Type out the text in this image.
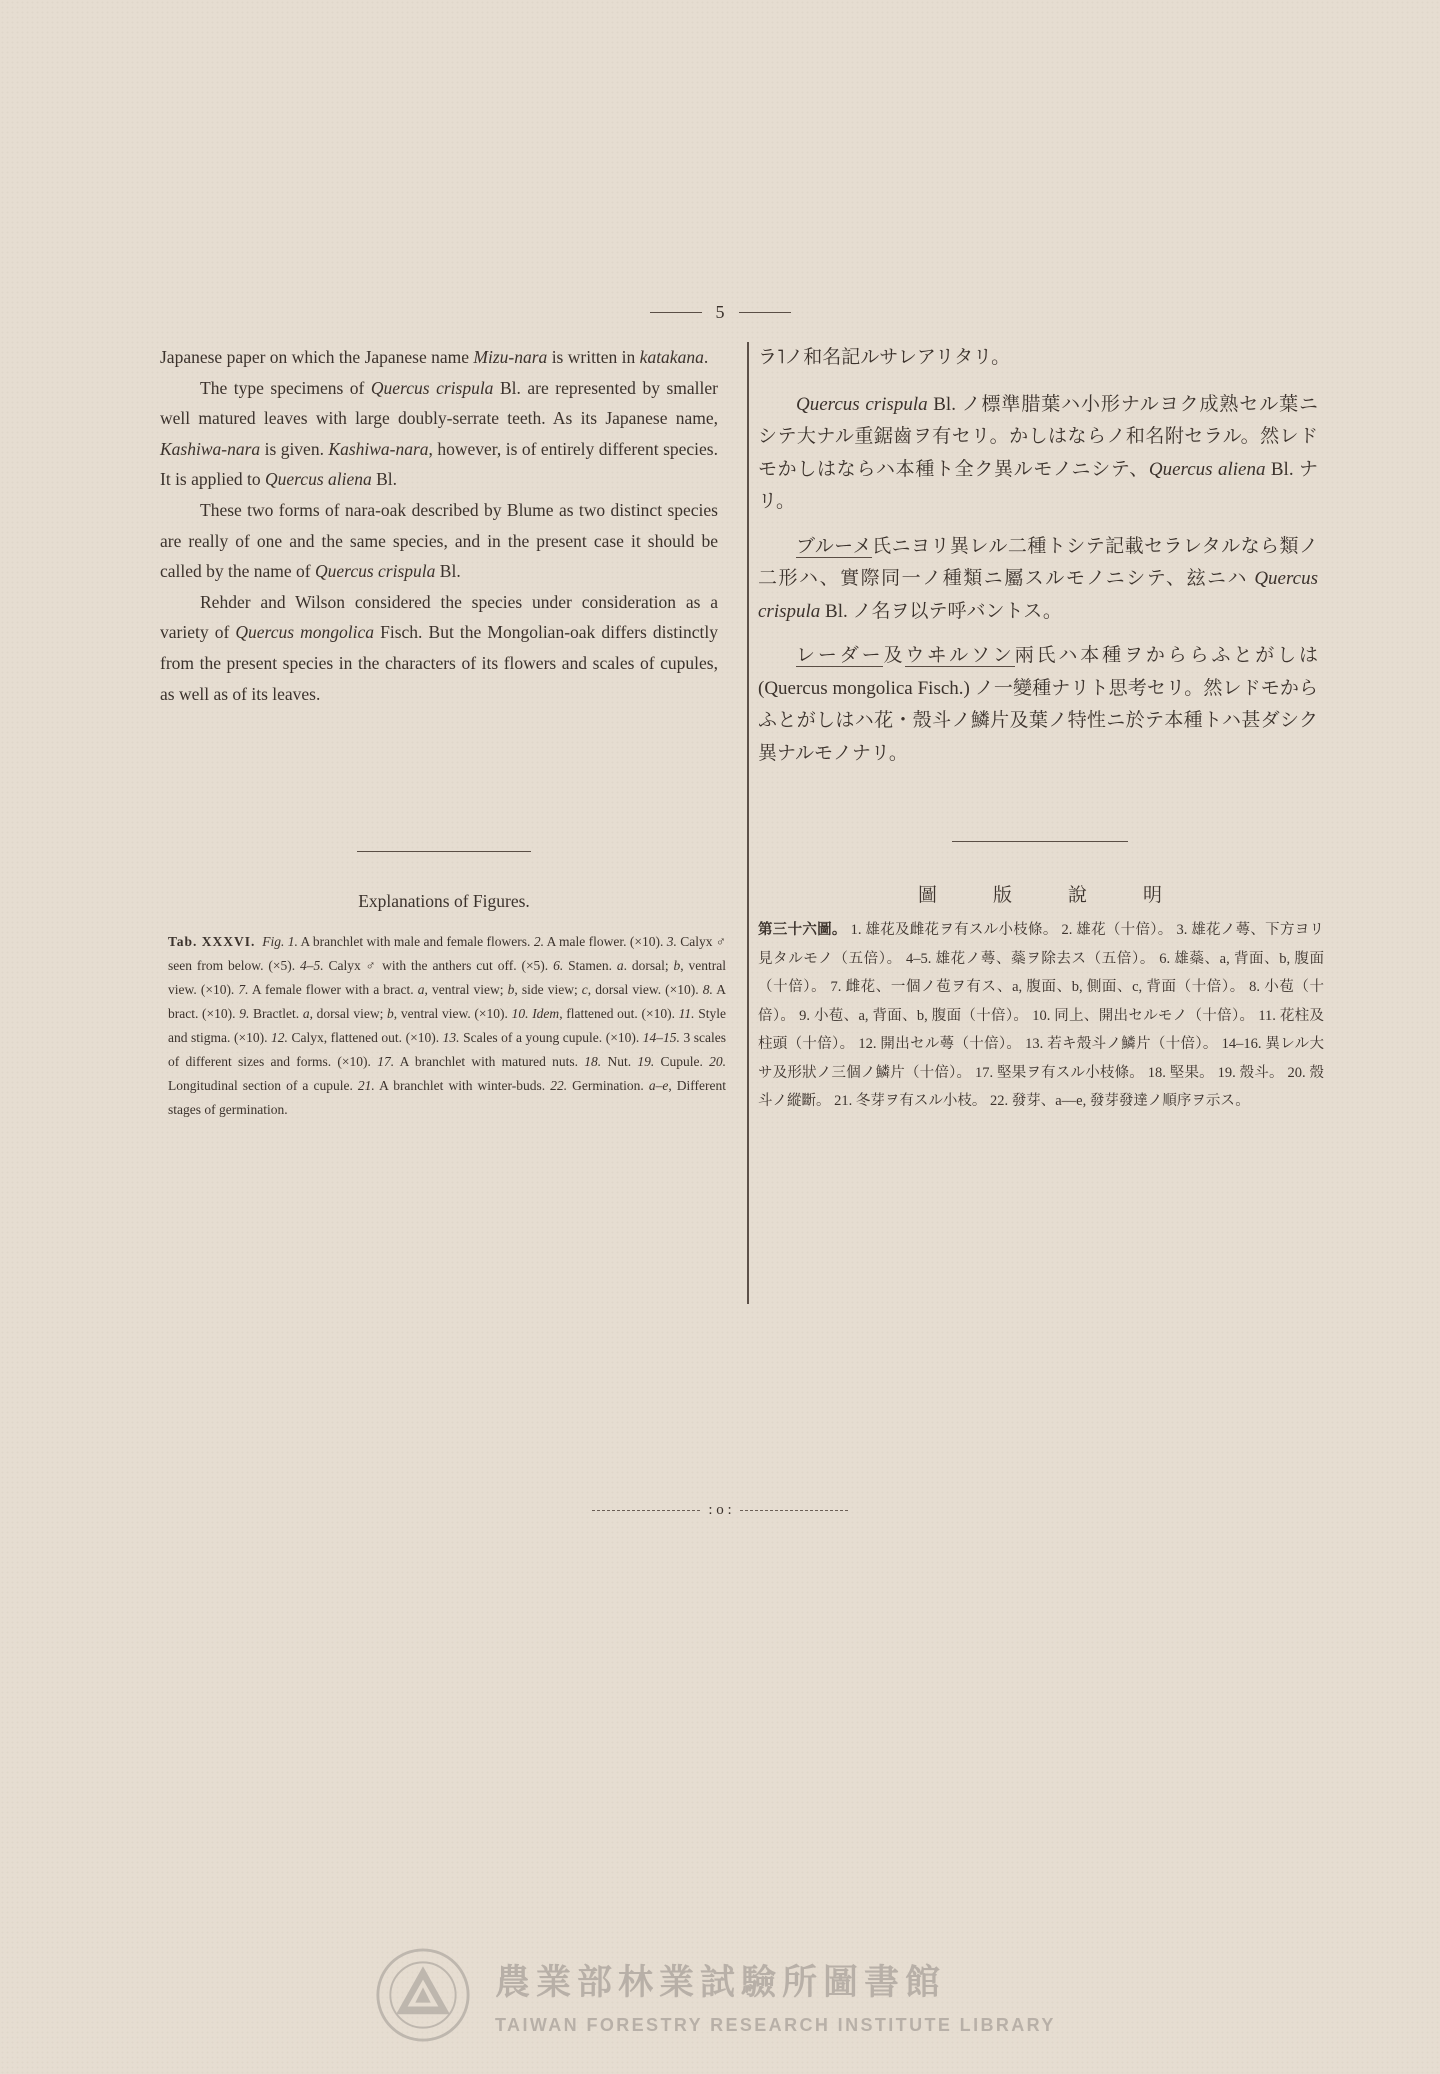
5

Japanese paper on which the Japanese name Mizu-nara is written in katakana.

The type specimens of Quercus crispula Bl. are represented by smaller well matured leaves with large doubly-serrate teeth. As its Japanese name, Kashiwa-nara is given. Kashiwa-nara, however, is of entirely different species. It is applied to Quercus aliena Bl.

These two forms of nara-oak described by Blume as two distinct species are really of one and the same species, and in the present case it should be called by the name of Quercus crispula Bl.

Rehder and Wilson considered the species under consideration as a variety of Quercus mongolica Fisch. But the Mongolian-oak differs distinctly from the present species in the characters of its flowers and scales of cupules, as well as of its leaves.

Explanations of Figures.
Tab. XXXVI. Fig. 1. A branchlet with male and female flowers. 2. A male flower. (×10). 3. Calyx ♂ seen from below. (×5). 4–5. Calyx ♂ with the anthers cut off. (×5). 6. Stamen. a. dorsal; b, ventral view. (×10). 7. A female flower with a bract. a, ventral view; b, side view; c, dorsal view. (×10). 8. A bract. (×10). 9. Bractlet. a, dorsal view; b, ventral view. (×10). 10. Idem, flattened out. (×10). 11. Style and stigma. (×10). 12. Calyx, flattened out. (×10). 13. Scales of a young cupule. (×10). 14–15. 3 scales of different sizes and forms. (×10). 17. A branchlet with matured nuts. 18. Nut. 19. Cupule. 20. Longitudinal section of a cupule. 21. A branchlet with winter-buds. 22. Germination. a–e, Different stages of germination.

ラ˥ノ和名記ルサレアリタリ。

Quercus crispula Bl. ノ標準腊葉ハ小形ナルヨク成熟セル葉ニシテ大ナル重鋸齒ヲ有セリ。かしはならノ和名附セラル。然レドモかしはならハ本種ト全ク異ルモノニシテ、Quercus aliena Bl. ナリ。

ブルーメ氏ニヨリ異レル二種トシテ記載セラレタルなら類ノ二形ハ、實際同一ノ種類ニ屬スルモノニシテ、玆ニハ Quercus crispula Bl. ノ名ヲ以テ呼バントス。

レーダー及ウヰルソン兩氏ハ本種ヲかららふとがしは (Quercus mongolica Fisch.) ノ一變種ナリト思考セリ。然レドモからふとがしはハ花・殼斗ノ鱗片及葉ノ特性ニ於テ本種トハ甚ダシク異ナルモノナリ。

圖	版	說	明
第三十六圖。 1. 雄花及雌花ヲ有スル小枝條。 2. 雄花（十倍）。 3. 雄花ノ蕚、下方ヨリ見タルモノ（五倍）。 4–5. 雄花ノ蕚、蘂ヲ除去ス（五倍）。 6. 雄蘂、a, 背面、b, 腹面（十倍）。 7. 雌花、一個ノ苞ヲ有ス、a, 腹面、b, 側面、c, 背面（十倍）。 8. 小苞（十倍）。 9. 小苞、a, 背面、b, 腹面（十倍）。 10. 同上、開出セルモノ（十倍）。 11. 花柱及柱頭（十倍）。 12. 開出セル蕚（十倍）。 13. 若キ殼斗ノ鱗片（十倍）。 14–16. 異レル大サ及形狀ノ三個ノ鱗片（十倍）。 17. 堅果ヲ有スル小枝條。 18. 堅果。 19. 殼斗。 20. 殼斗ノ縱斷。 21. 冬芽ヲ有スル小枝。 22. 發芽、a—e, 發芽發達ノ順序ヲ示ス。
: o :
農業部林業試驗所圖書館
TAIWAN FORESTRY RESEARCH INSTITUTE LIBRARY
